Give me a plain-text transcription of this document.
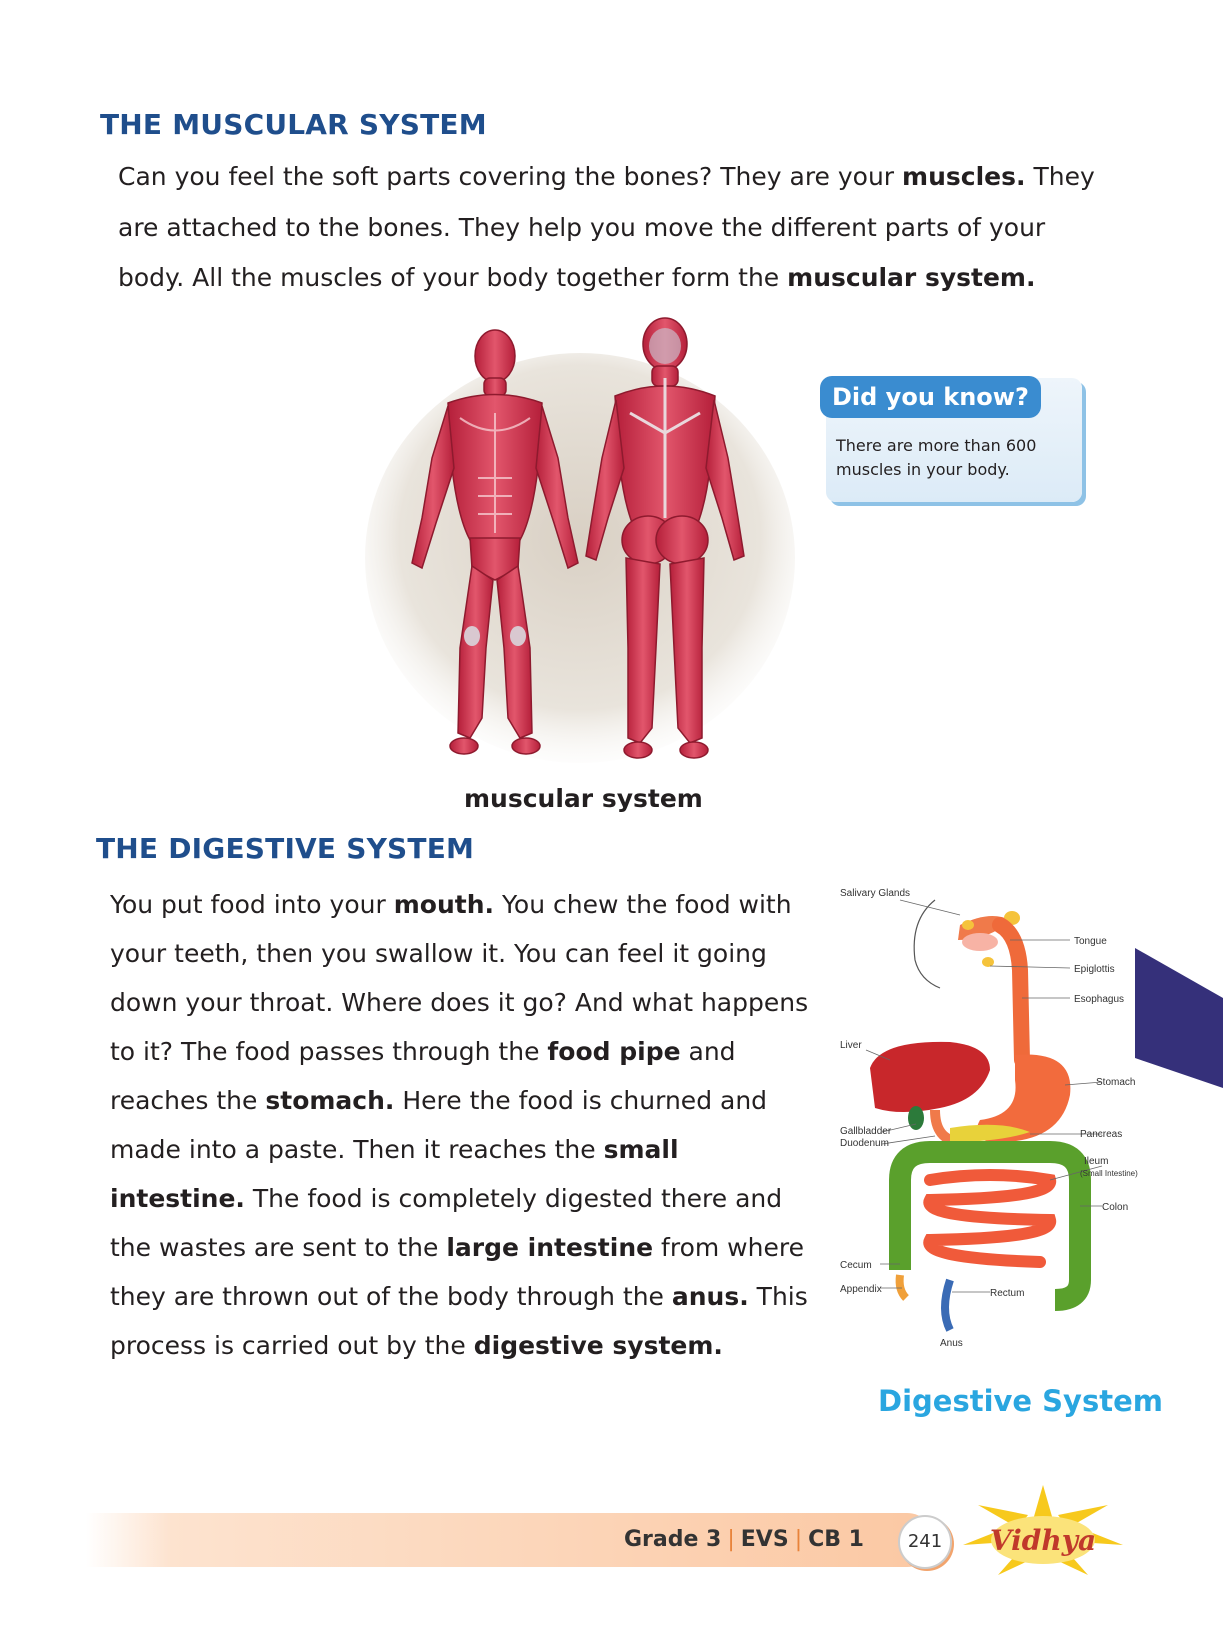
THE MUSCULAR SYSTEM
Can you feel the soft parts covering the bones? They are your muscles. They are attached to the bones. They help you move the different parts of your body. All the muscles of your body together form the muscular system.
muscular system
Did you know?
There are more than 600 muscles in your body.
THE DIGESTIVE SYSTEM
You put food into your mouth. You chew the food with your teeth, then you swallow it. You can feel it going down your throat. Where does it go? And what happens to it? The food passes through the food pipe and reaches the stomach. Here the food is churned and made into a paste. Then it reaches the small intestine. The food is completely digested there and the wastes are sent to the large intestine from where they are thrown out of the body through the anus. This process is carried out by the digestive system.
Salivary Glands
Tongue
Epiglottis
Esophagus
Liver
Stomach
Gallbladder
Duodenum
Pancreas
Ileum
(Small Intestine)
Colon
Cecum
Appendix	Rectum
Anus
Digestive System
Grade 3 | EVS | CB 1	241	Vidhya
